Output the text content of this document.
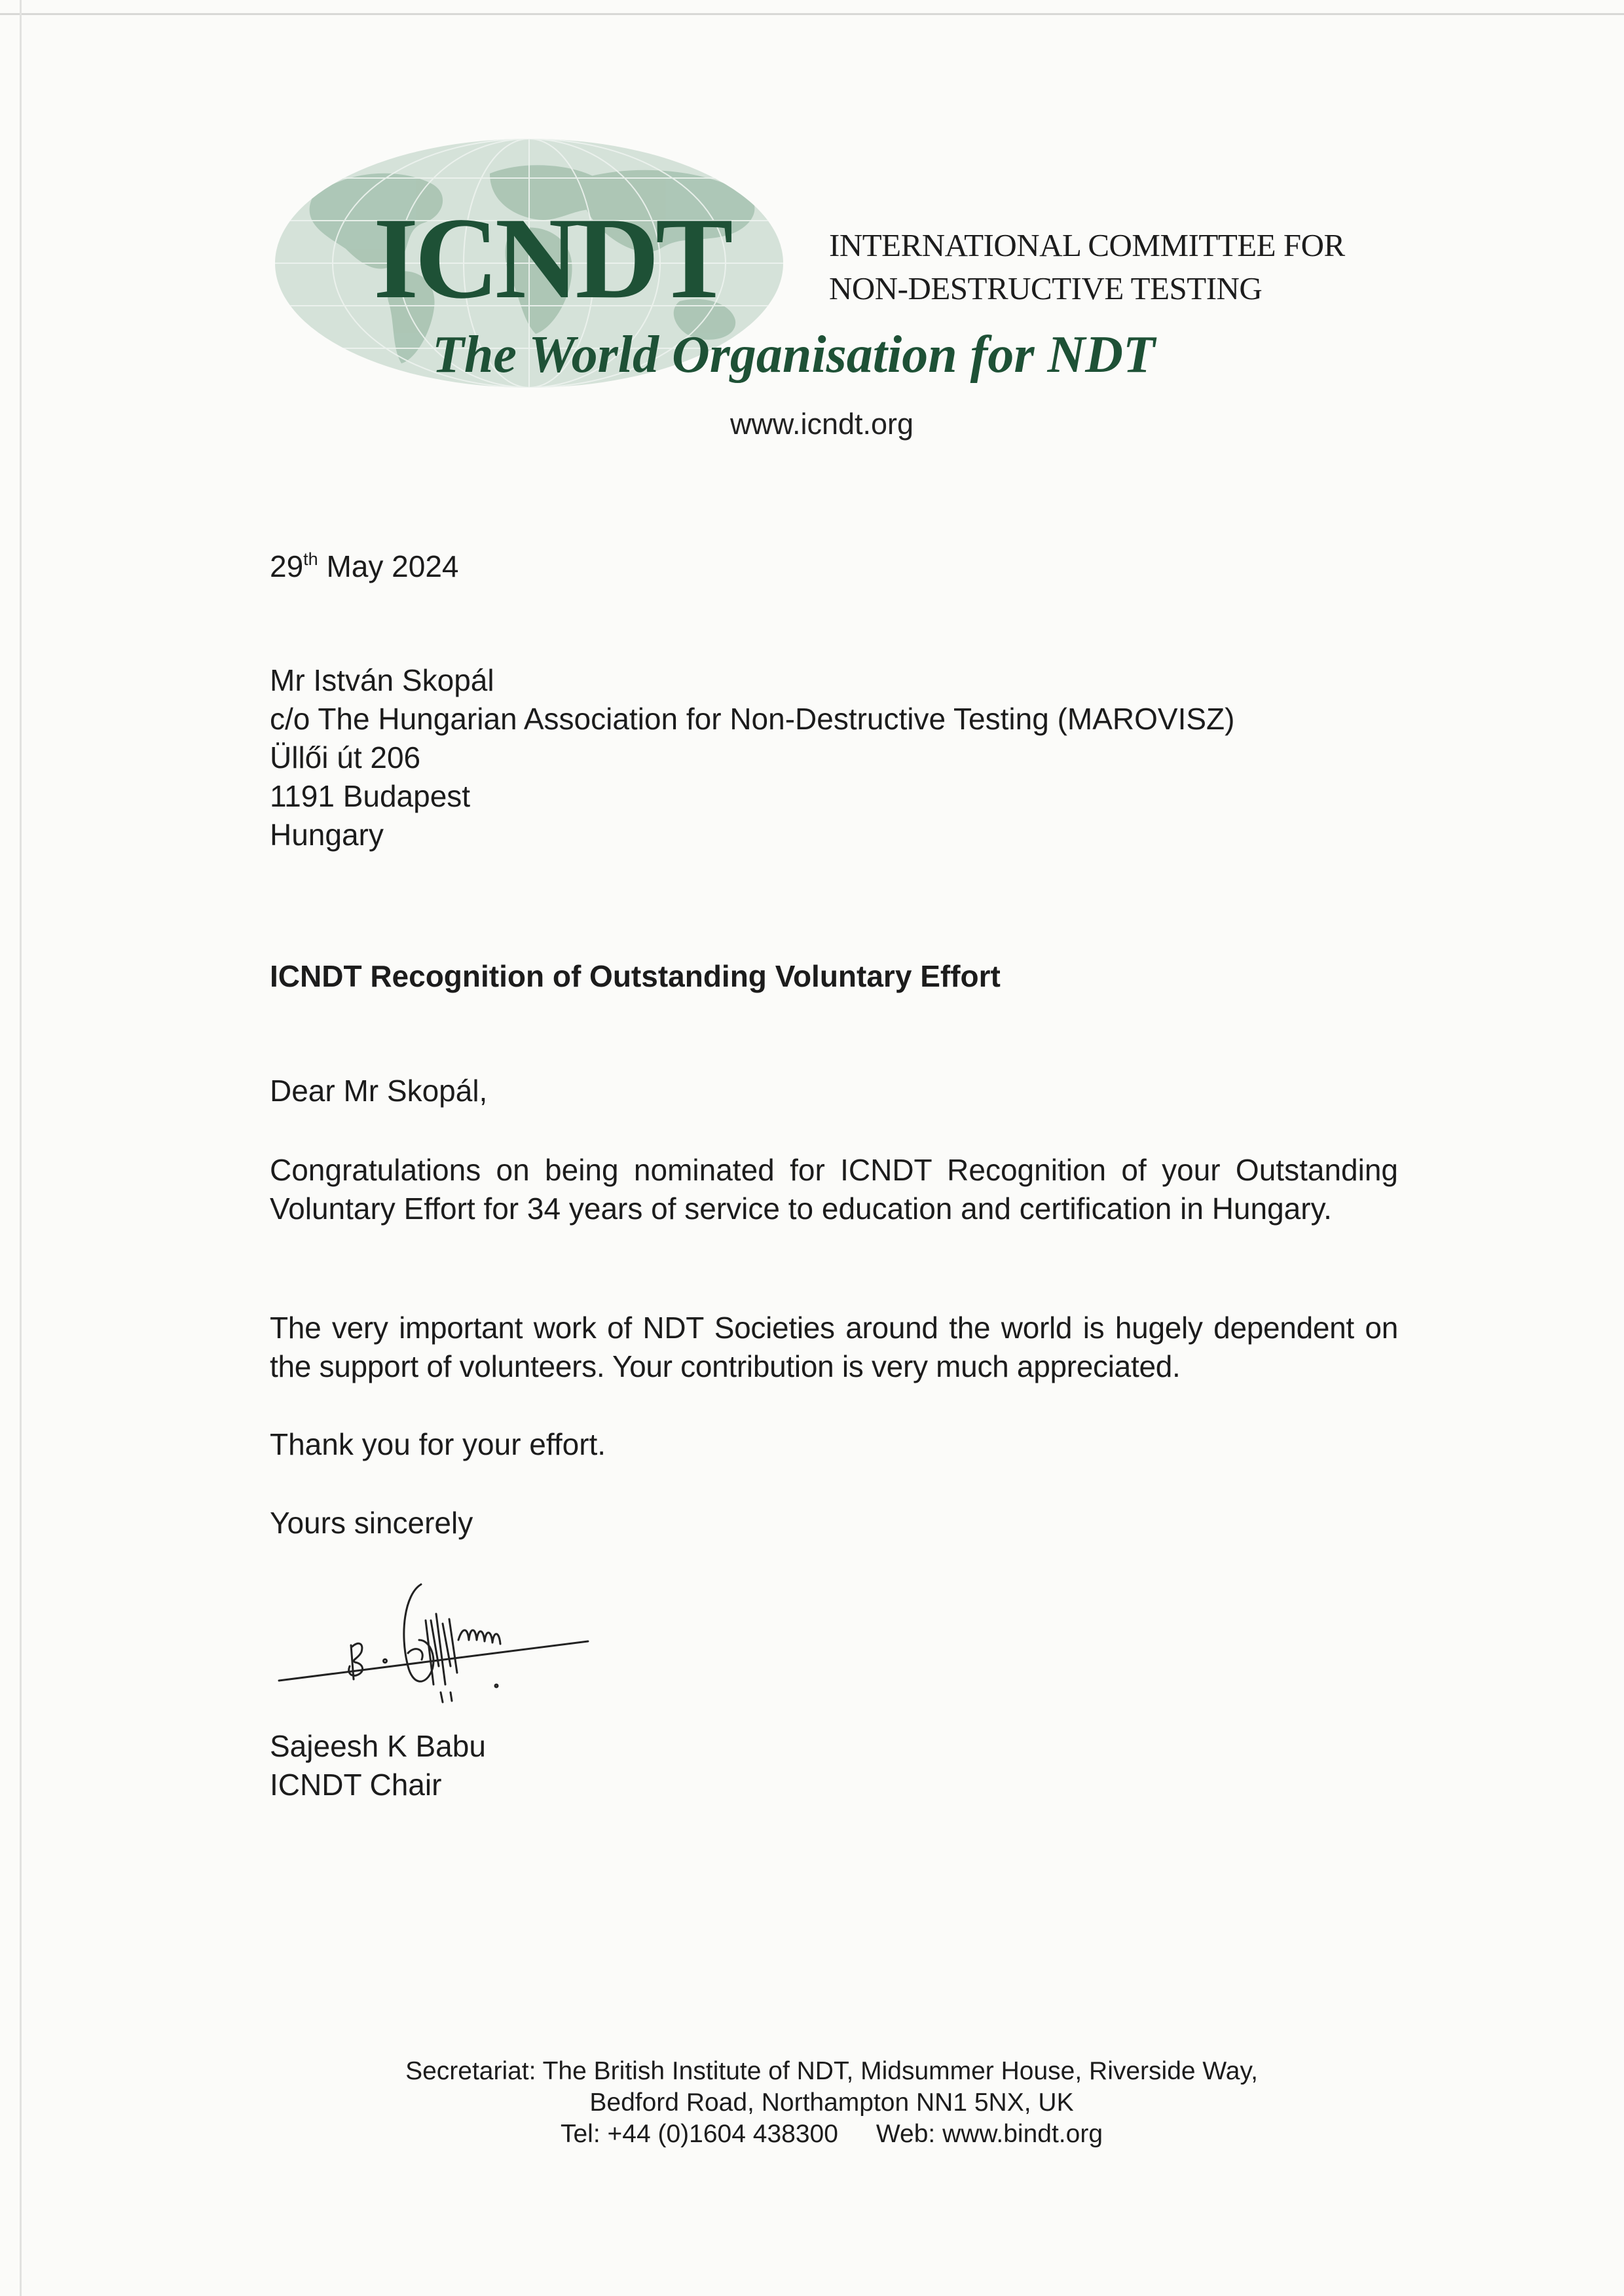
ICNDT	INTERNATIONAL COMMITTEE FOR
NON-DESTRUCTIVE TESTING
The World Organisation for NDT
www.icndt.org
29th May 2024
Mr István Skopál
c/o The Hungarian Association for Non-Destructive Testing (MAROVISZ)
Üllői út 206
1191 Budapest
Hungary
ICNDT Recognition of Outstanding Voluntary Effort
Dear Mr Skopál,
Congratulations on being nominated for ICNDT Recognition of your Outstanding Voluntary Effort for 34 years of service to education and certification in Hungary.
The very important work of NDT Societies around the world is hugely dependent on the support of volunteers. Your contribution is very much appreciated.
Thank you for your effort.
Yours sincerely
Sajeesh K Babu
ICNDT Chair
Secretariat: The British Institute of NDT, Midsummer House, Riverside Way,
Bedford Road, Northampton NN1 5NX, UK
Tel: +44 (0)1604 438300 Web: www.bindt.org
